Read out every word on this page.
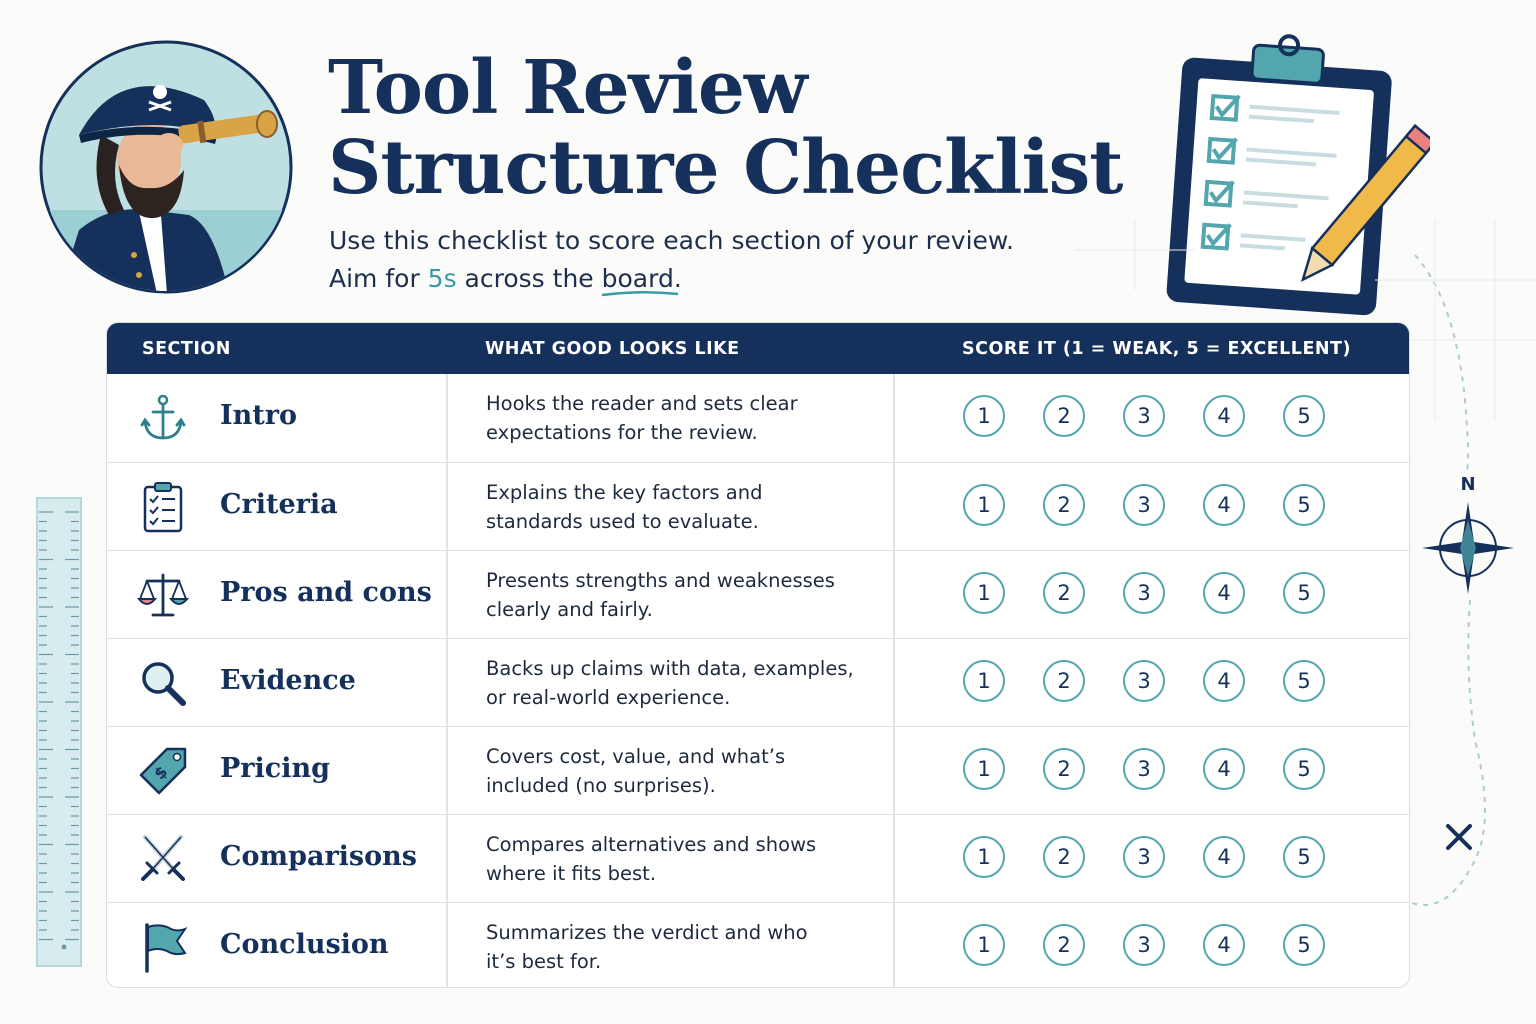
Tool Review
Structure Checklist
Use this checklist to score each section of your review.
Aim for 5s across the board
.
N
SECTION	WHAT GOOD LOOKS LIKE	SCORE IT (1 = WEAK, 5 = EXCELLENT)
Intro	Hooks the reader and sets clear
expectations for the review.
1	2	3	4	5
Criteria	Explains the key factors and
standards used to evaluate.
1	2	3	4	5
Pros and cons	Presents strengths and weaknesses
clearly and fairly.
1	2	3	4	5
Evidence	Backs up claims with data, examples,
or real-world experience.
1	2	3	4	5
$ Pricing	Covers cost, value, and what’s
included (no surprises).
1	2	3	4	5
Comparisons	Compares alternatives and shows
where it fits best.
1	2	3	4	5
Conclusion	Summarizes the verdict and who
it’s best for.
1	2	3	4	5
